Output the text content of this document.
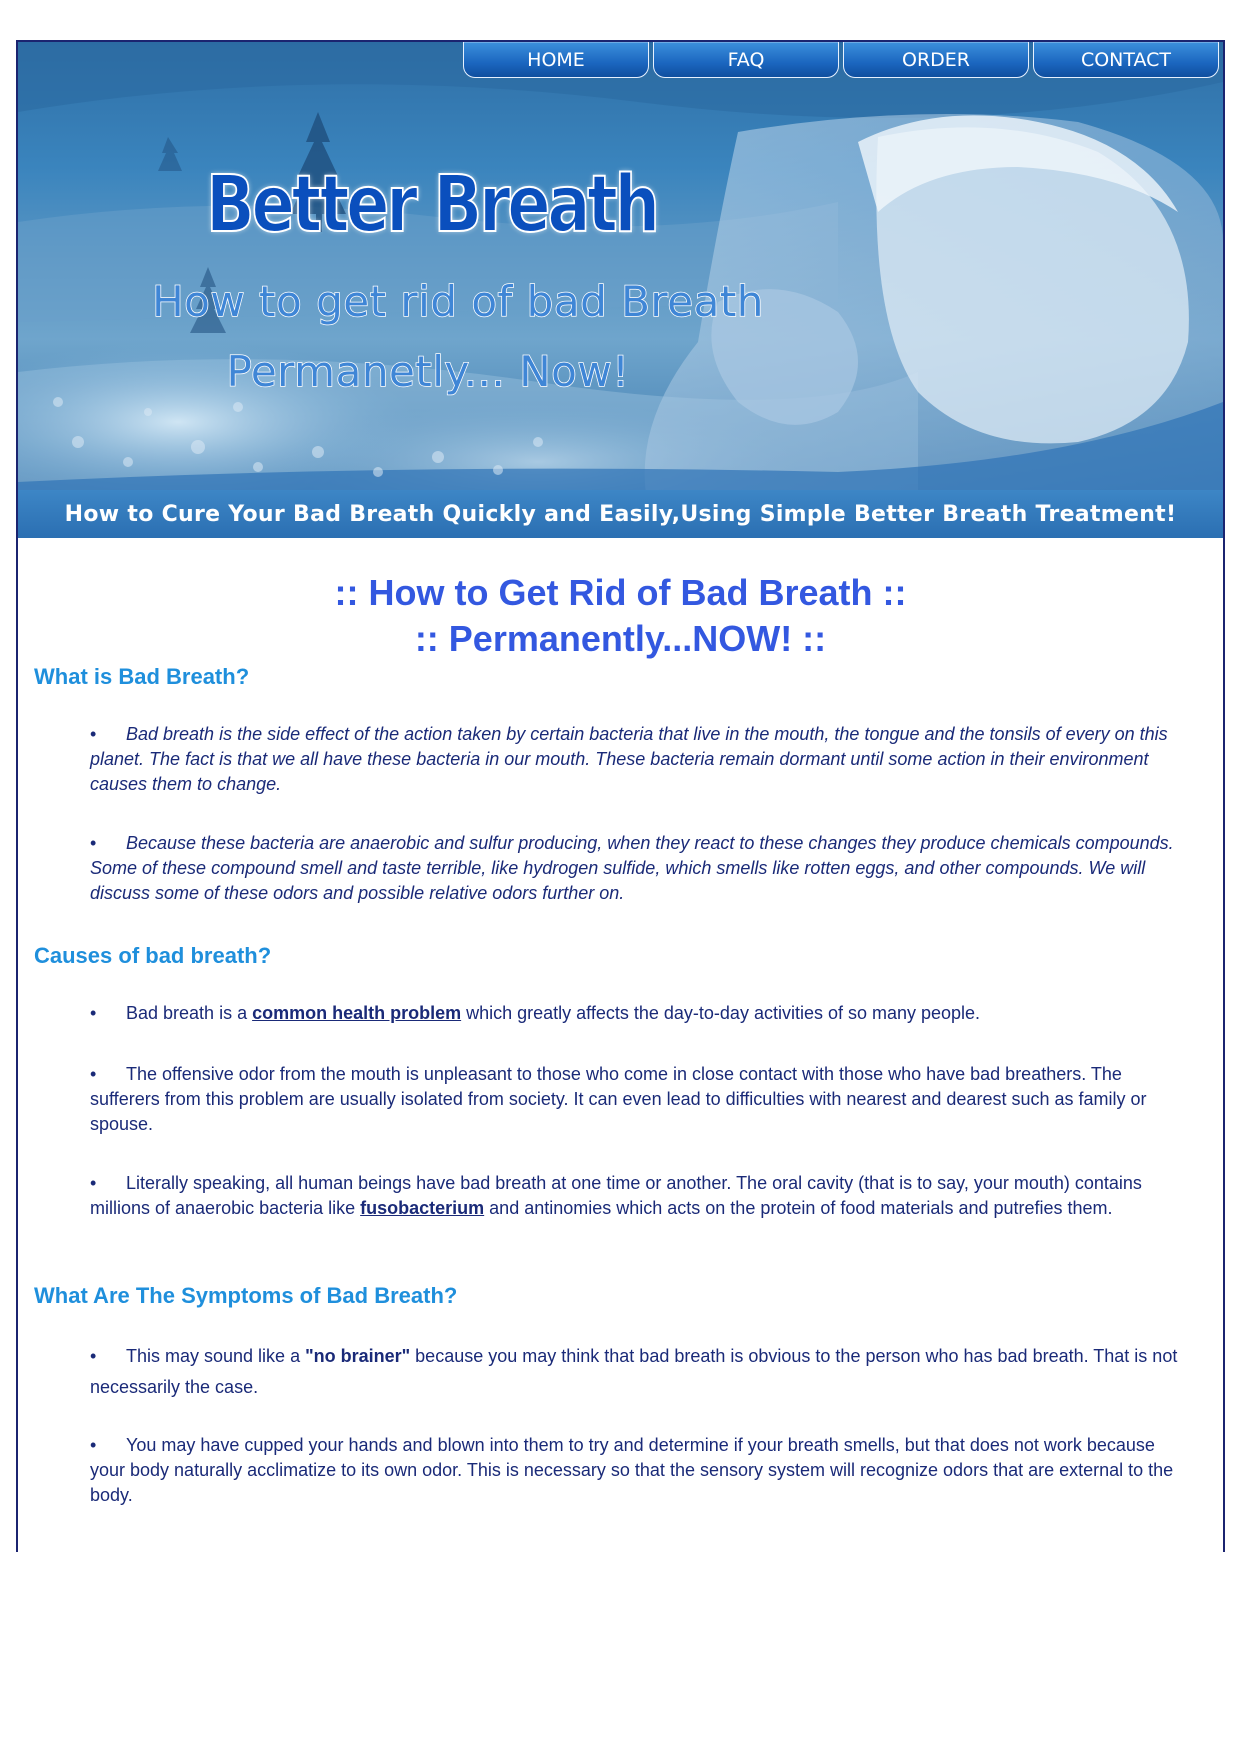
HOME	FAQ	ORDER	CONTACT
Better Breath
How to get rid of bad Breath
Permanetly... Now!
How to Cure Your Bad Breath Quickly and Easily,Using Simple Better Breath Treatment!
:: How to Get Rid of Bad Breath ::
:: Permanently...NOW! ::
What is Bad Breath?
• Bad breath is the side effect of the action taken by certain bacteria that live in the mouth, the tongue and the tonsils of every on this planet. The fact is that we all have these bacteria in our mouth. These bacteria remain dormant until some action in their environment causes them to change.
• Because these bacteria are anaerobic and sulfur producing, when they react to these changes they produce chemicals compounds. Some of these compound smell and taste terrible, like hydrogen sulfide, which smells like rotten eggs, and other compounds. We will discuss some of these odors and possible relative odors further on.
Causes of bad breath?
• Bad breath is a common health problem which greatly affects the day-to-day activities of so many people.
• The offensive odor from the mouth is unpleasant to those who come in close contact with those who have bad breathers. The sufferers from this problem are usually isolated from society. It can even lead to difficulties with nearest and dearest such as family or spouse.
• Literally speaking, all human beings have bad breath at one time or another. The oral cavity (that is to say, your mouth) contains millions of anaerobic bacteria like fusobacterium and antinomies which acts on the protein of food materials and putrefies them.
What Are The Symptoms of Bad Breath?
• This may sound like a "no brainer" because you may think that bad breath is obvious to the person who has bad breath. That is not necessarily the case.
• You may have cupped your hands and blown into them to try and determine if your breath smells, but that does not work because your body naturally acclimatize to its own odor. This is necessary so that the sensory system will recognize odors that are external to the body.
